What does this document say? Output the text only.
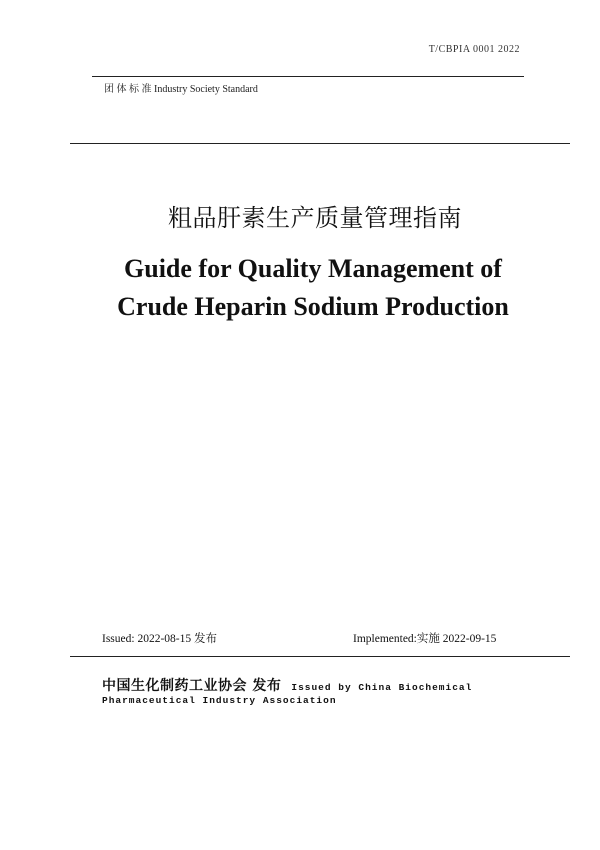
T/CBPIA 0001 2022
团 体 标 准 Industry Society Standard
粗品肝素生产质量管理指南
Guide for Quality Management of
Crude Heparin Sodium Production
Issued: 2022-08-15 发布	Implemented:实施 2022-09-15
中国生化制药工业协会 发布 Issued by China Biochemical
Pharmaceutical Industry Association
